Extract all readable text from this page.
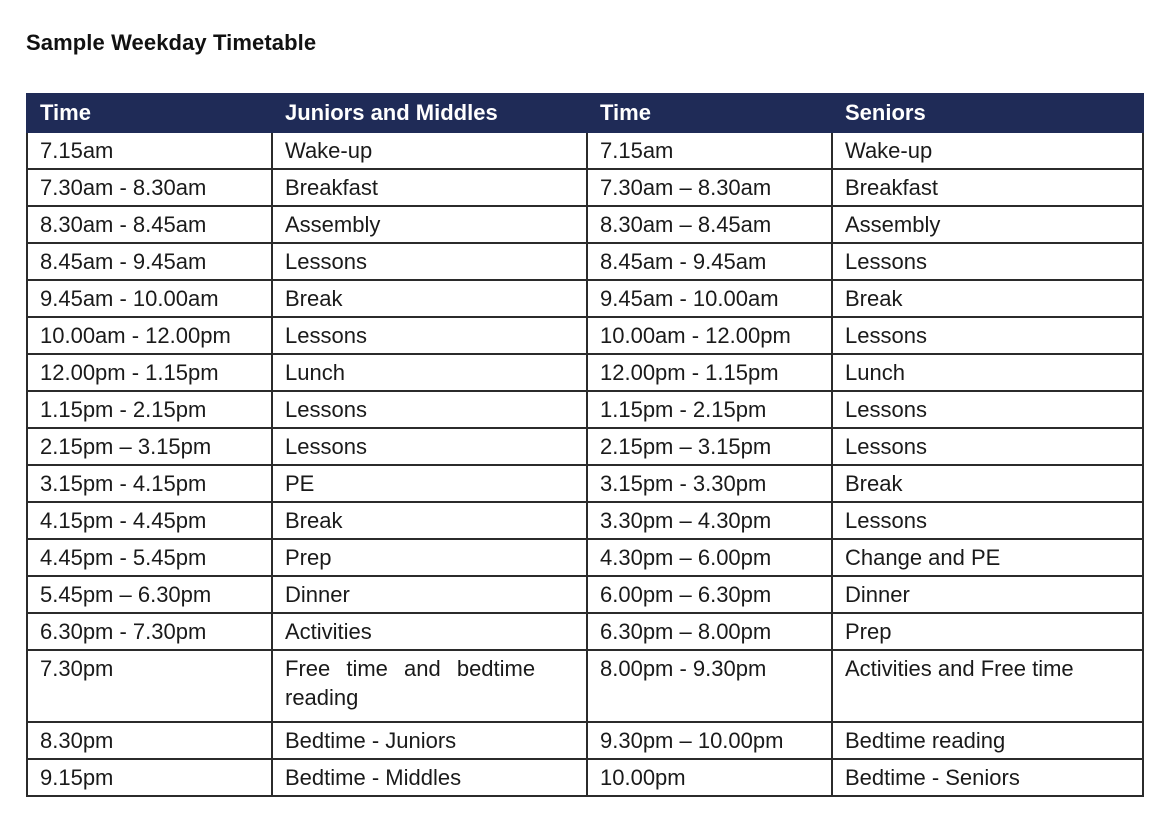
Sample Weekday Timetable
Time	Juniors and Middles	Time	Seniors
7.15am	Wake-up	7.15am	Wake-up
7.30am - 8.30am	Breakfast	7.30am – 8.30am	Breakfast
8.30am - 8.45am	Assembly	8.30am – 8.45am	Assembly
8.45am - 9.45am	Lessons	8.45am - 9.45am	Lessons
9.45am - 10.00am	Break	9.45am - 10.00am	Break
10.00am - 12.00pm	Lessons	10.00am - 12.00pm	Lessons
12.00pm - 1.15pm	Lunch	12.00pm - 1.15pm	Lunch
1.15pm - 2.15pm	Lessons	1.15pm - 2.15pm	Lessons
2.15pm – 3.15pm	Lessons	2.15pm – 3.15pm	Lessons
3.15pm - 4.15pm	PE	3.15pm - 3.30pm	Break
4.15pm - 4.45pm	Break	3.30pm – 4.30pm	Lessons
4.45pm - 5.45pm	Prep	4.30pm – 6.00pm	Change and PE
5.45pm – 6.30pm	Dinner	6.00pm – 6.30pm	Dinner
6.30pm - 7.30pm	Activities	6.30pm – 8.00pm	Prep
7.30pm	Free time and bedtime reading	8.00pm - 9.30pm	Activities and Free time
8.30pm	Bedtime - Juniors	9.30pm – 10.00pm	Bedtime reading
9.15pm	Bedtime - Middles	10.00pm	Bedtime - Seniors
